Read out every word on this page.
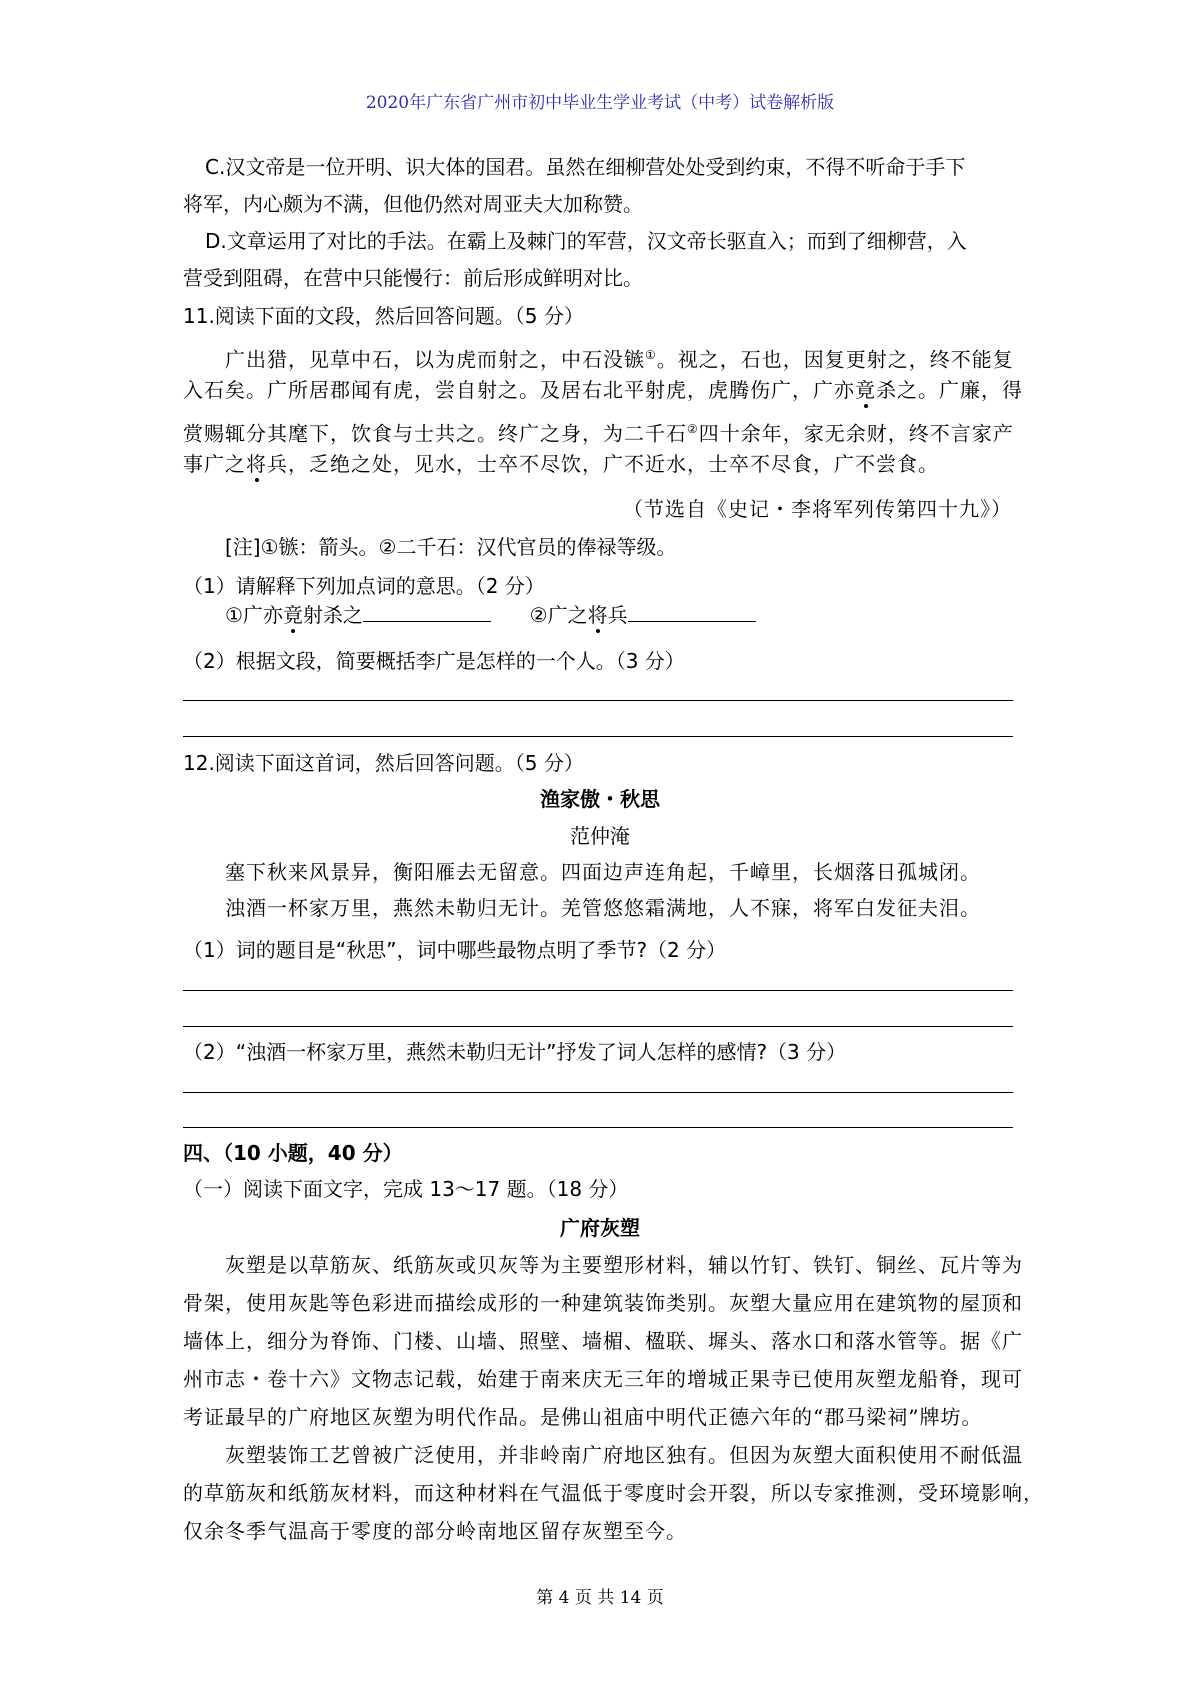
2020年广东省广州市初中毕业生学业考试（中考）试卷解析版
C.汉文帝是一位开明、识大体的国君。虽然在细柳营处处受到约束，不得不听命于手下
将军，内心颇为不满，但他仍然对周亚夫大加称赞。
D.文章运用了对比的手法。在霸上及棘门的军营，汉文帝长驱直入；而到了细柳营，入
营受到阻碍，在营中只能慢行：前后形成鲜明对比。
11.阅读下面的文段，然后回答问题。（5 分）
广出猎，见草中石，以为虎而射之，中石没镞①。视之，石也，因复更射之，终不能复
入石矣。广所居郡闻有虎，尝自射之。及居右北平射虎，虎腾伤广，广亦竟杀之。广廉，得
赏赐辄分其麾下，饮食与士共之。终广之身，为二千石②四十余年，家无余财，终不言家产
事广之将兵，乏绝之处，见水，士卒不尽饮，广不近水，士卒不尽食，广不尝食。
（节选自《史记・李将军列传第四十九》）
[注]①镞：箭头。②二千石：汉代官员的俸禄等级。
（1）请解释下列加点词的意思。（2 分）
①广亦竟射杀之	②广之将兵
（2）根据文段，简要概括李广是怎样的一个人。（3 分）
12.阅读下面这首词，然后回答问题。（5 分）
渔家傲・秋思
范仲淹
塞下秋来风景异，衡阳雁去无留意。四面边声连角起，千嶂里，长烟落日孤城闭。
浊酒一杯家万里，燕然未勒归无计。羌管悠悠霜满地，人不寐，将军白发征夫泪。
（1）词的题目是“秋思”，词中哪些最物点明了季节?（2 分）
（2）“浊酒一杯家万里，燕然未勒归无计”抒发了词人怎样的感情?（3 分）
四、（10 小题，40 分）
（一）阅读下面文字，完成 13～17 题。（18 分）
广府灰塑
灰塑是以草筋灰、纸筋灰或贝灰等为主要塑形材料，辅以竹钉、铁钉、铜丝、瓦片等为
骨架，使用灰匙等色彩进而描绘成形的一种建筑装饰类别。灰塑大量应用在建筑物的屋顶和
墙体上，细分为脊饰、门楼、山墙、照壁、墙楣、楹联、墀头、落水口和落水管等。据《广
州市志・卷十六》文物志记载，始建于南来庆无三年的增城正果寺已使用灰塑龙船脊，现可
考证最早的广府地区灰塑为明代作品。是佛山祖庙中明代正德六年的“郡马梁祠”牌坊。
灰塑装饰工艺曾被广泛使用，并非岭南广府地区独有。但因为灰塑大面积使用不耐低温
的草筋灰和纸筋灰材料，而这种材料在气温低于零度时会开裂，所以专家推测，受环境影响，
仅余冬季气温高于零度的部分岭南地区留存灰塑至今。
第 4 页 共 14 页
